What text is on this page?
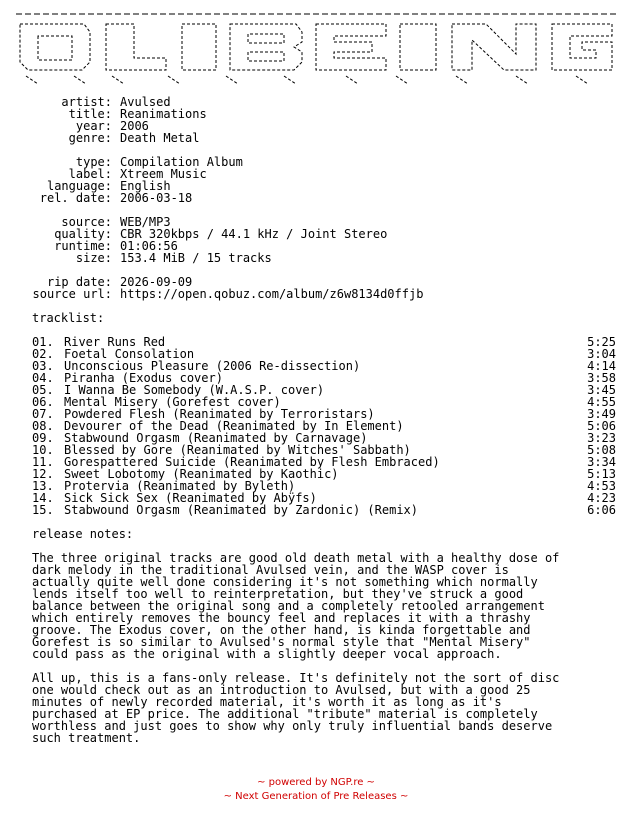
artist:

Avulsed

title:

Reanimations

year:

2006

genre:

Death Metal

type:

Compilation Album

label:

Xtreem Music

language:

English

rel. date:

2006-03-18

source:

WEB/MP3

quality:

CBR 320kbps / 44.1 kHz / Joint Stereo

runtime:

01:06:56

size:

153.4 MiB / 15 tracks

rip date:

2026-09-09

source url:

https://open.qobuz.com/album/z6w8134d0ffjb

tracklist:
01. River Runs Red	5:25
02. Foetal Consolation	3:04
03. Unconscious Pleasure (2006 Re-dissection)	4:14
04. Piranha (Exodus cover)	3:58
05. I Wanna Be Somebody (W.A.S.P. cover)	3:45
06. Mental Misery (Gorefest cover)	4:55
07. Powdered Flesh (Reanimated by Terroristars)	3:49
08. Devourer of the Dead (Reanimated by In Element)	5:06
09. Stabwound Orgasm (Reanimated by Carnavage)	3:23
10. Blessed by Gore (Reanimated by Witches' Sabbath)	5:08
11. Gorespattered Suicide (Reanimated by Flesh Embraced)	3:34
12. Sweet Lobotomy (Reanimated by Kaothic)	5:13
13. Protervia (Reanimated by Byleth)	4:53
14. Sick Sick Sex (Reanimated by Abÿfs)	4:23
15. Stabwound Orgasm (Reanimated by Zardonic) (Remix)	6:06
release notes:
The three original tracks are good old death metal with a healthy dose of
dark melody in the traditional Avulsed vein, and the WASP cover is
actually quite well done considering it's not something which normally
lends itself too well to reinterpretation, but they've struck a good
balance between the original song and a completely retooled arrangement
which entirely removes the bouncy feel and replaces it with a thrashy
groove. The Exodus cover, on the other hand, is kinda forgettable and
Gorefest is so similar to Avulsed's normal style that "Mental Misery"
could pass as the original with a slightly deeper vocal approach.
All up, this is a fans-only release. It's definitely not the sort of disc
one would check out as an introduction to Avulsed, but with a good 25
minutes of newly recorded material, it's worth it as long as it's
purchased at EP price. The additional "tribute" material is completely
worthless and just goes to show why only truly influential bands deserve
such treatment.
~ powered by NGP.re ~
~ Next Generation of Pre Releases ~
